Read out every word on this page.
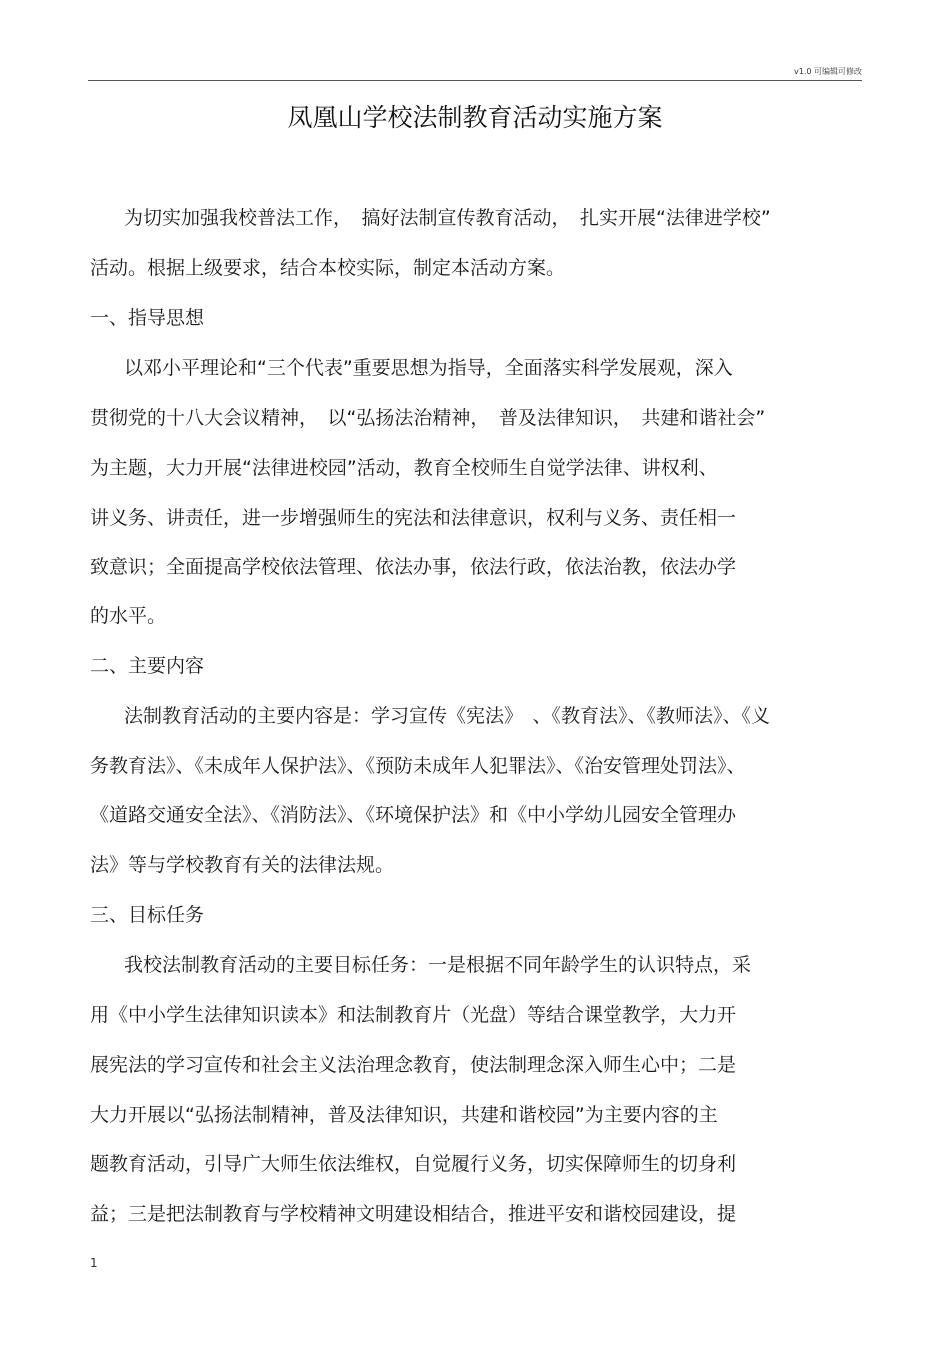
v1.0 可编辑可修改
凤凰山学校法制教育活动实施方案
为切实加强我校普法工作，　搞好法制宣传教育活动，　扎实开展“法律进学校”
活动。根据上级要求，结合本校实际，制定本活动方案。
一、指导思想
以邓小平理论和“三个代表”重要思想为指导，全面落实科学发展观，深入
贯彻党的十八大会议精神，　以“弘扬法治精神，　普及法律知识，　共建和谐社会”
为主题，大力开展“法律进校园”活动，教育全校师生自觉学法律、讲权利、
讲义务、讲责任，进一步增强师生的宪法和法律意识，权利与义务、责任相一
致意识；全面提高学校依法管理、依法办事，依法行政，依法治教，依法办学
的水平。
二、主要内容
法制教育活动的主要内容是：学习宣传《宪法》　、《教育法》、《教师法》、《义
务教育法》、《未成年人保护法》、《预防未成年人犯罪法》、《治安管理处罚法》、
《道路交通安全法》、《消防法》、《环境保护法》和《中小学幼儿园安全管理办
法》等与学校教育有关的法律法规。
三、目标任务
我校法制教育活动的主要目标任务：一是根据不同年龄学生的认识特点，采
用《中小学生法律知识读本》和法制教育片（光盘）等结合课堂教学，大力开
展宪法的学习宣传和社会主义法治理念教育，使法制理念深入师生心中；二是
大力开展以“弘扬法制精神，普及法律知识，共建和谐校园”为主要内容的主
题教育活动，引导广大师生依法维权，自觉履行义务，切实保障师生的切身利
益；三是把法制教育与学校精神文明建设相结合，推进平安和谐校园建设，提
1
